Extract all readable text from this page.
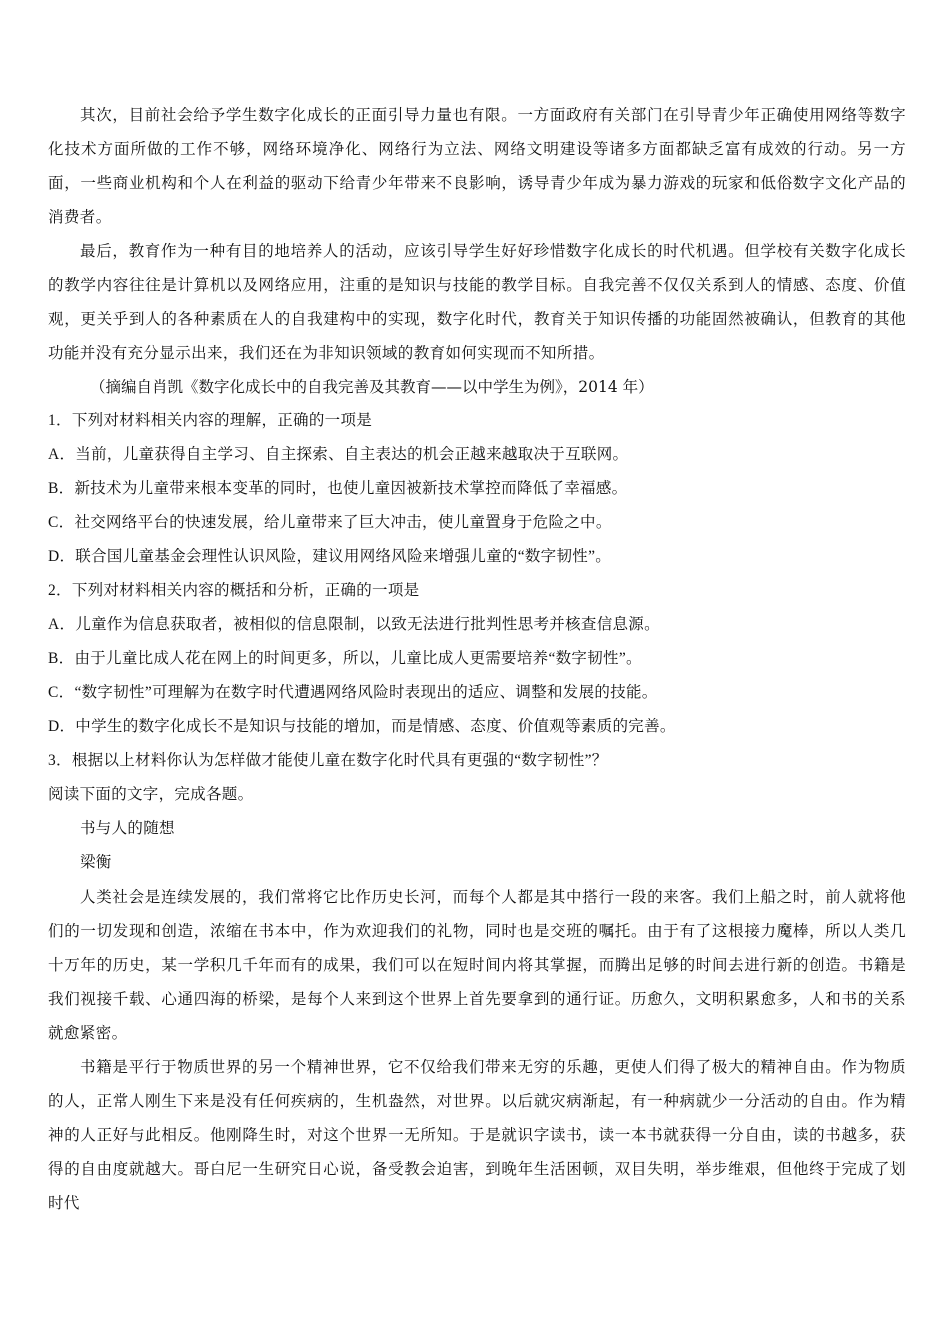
其次，目前社会给予学生数字化成长的正面引导力量也有限。一方面政府有关部门在引导青少年正确使用网络等数字化技术方面所做的工作不够，网络环境净化、网络行为立法、网络文明建设等诸多方面都缺乏富有成效的行动。另一方面，一些商业机构和个人在利益的驱动下给青少年带来不良影响，诱导青少年成为暴力游戏的玩家和低俗数字文化产品的消费者。

最后，教育作为一种有目的地培养人的活动，应该引导学生好好珍惜数字化成长的时代机遇。但学校有关数字化成长的教学内容往往是计算机以及网络应用，注重的是知识与技能的教学目标。自我完善不仅仅关系到人的情感、态度、价值观，更关乎到人的各种素质在人的自我建构中的实现，数字化时代，教育关于知识传播的功能固然被确认，但教育的其他功能并没有充分显示出来，我们还在为非知识领域的教育如何实现而不知所措。

（摘编自肖凯《数字化成长中的自我完善及其教育——以中学生为例》，2014 年）

1．下列对材料相关内容的理解，正确的一项是

A．当前，儿童获得自主学习、自主探索、自主表达的机会正越来越取决于互联网。

B．新技术为儿童带来根本变革的同时，也使儿童因被新技术掌控而降低了幸福感。

C．社交网络平台的快速发展，给儿童带来了巨大冲击，使儿童置身于危险之中。

D．联合国儿童基金会理性认识风险，建议用网络风险来增强儿童的“数字韧性”。

2．下列对材料相关内容的概括和分析，正确的一项是

A．儿童作为信息获取者，被相似的信息限制，以致无法进行批判性思考并核查信息源。

B．由于儿童比成人花在网上的时间更多，所以，儿童比成人更需要培养“数字韧性”。

C．“数字韧性”可理解为在数字时代遭遇网络风险时表现出的适应、调整和发展的技能。

D．中学生的数字化成长不是知识与技能的增加，而是情感、态度、价值观等素质的完善。

3．根据以上材料你认为怎样做才能使儿童在数字化时代具有更强的“数字韧性”？

阅读下面的文字，完成各题。

书与人的随想

梁衡

人类社会是连续发展的，我们常将它比作历史长河，而每个人都是其中搭行一段的来客。我们上船之时，前人就将他们的一切发现和创造，浓缩在书本中，作为欢迎我们的礼物，同时也是交班的嘱托。由于有了这根接力魔棒，所以人类几十万年的历史，某一学积几千年而有的成果，我们可以在短时间内将其掌握，而腾出足够的时间去进行新的创造。书籍是我们视接千载、心通四海的桥梁，是每个人来到这个世界上首先要拿到的通行证。历愈久，文明积累愈多，人和书的关系就愈紧密。

书籍是平行于物质世界的另一个精神世界，它不仅给我们带来无穷的乐趣，更使人们得了极大的精神自由。作为物质的人，正常人刚生下来是没有任何疾病的，生机盎然，对世界。以后就灾病渐起，有一种病就少一分活动的自由。作为精神的人正好与此相反。他刚降生时，对这个世界一无所知。于是就识字读书，读一本书就获得一分自由，读的书越多，获得的自由度就越大。哥白尼一生研究日心说，备受教会迫害，到晚年生活困顿，双目失明，举步维艰，但他终于完成了划时代
